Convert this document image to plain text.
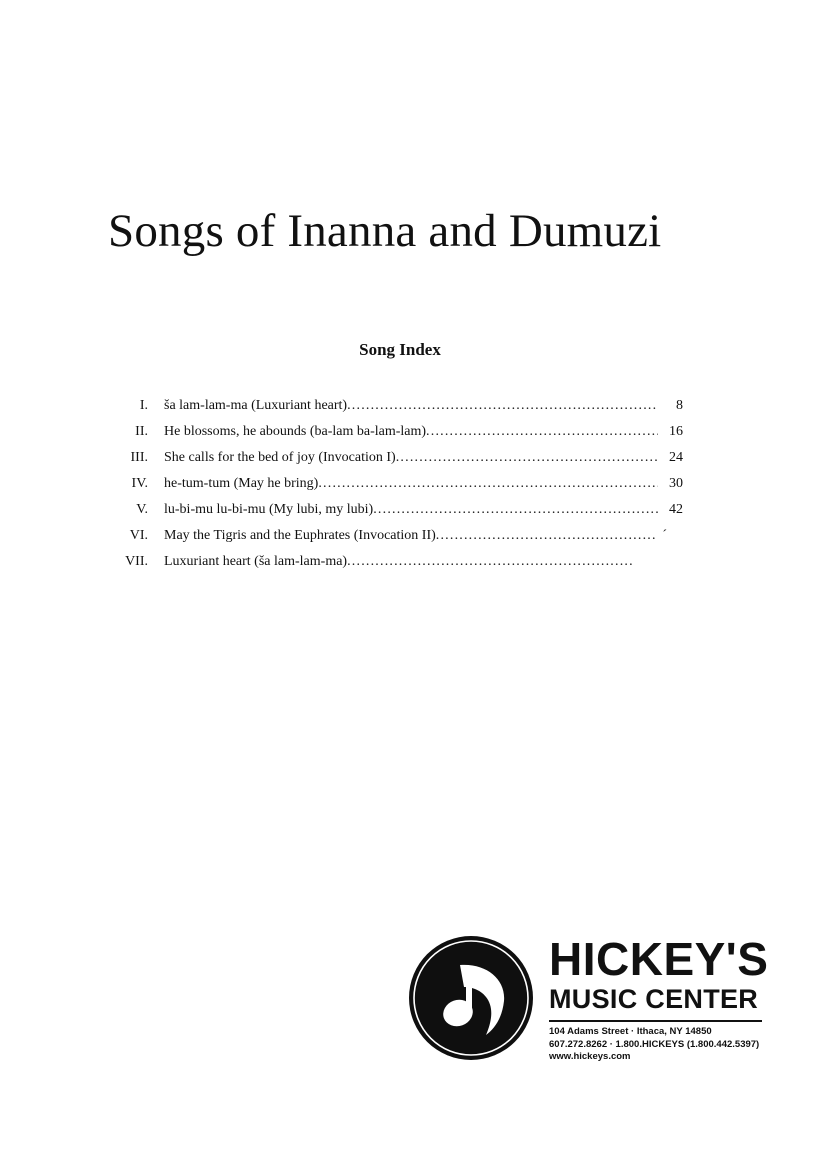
Songs of Inanna and Dumuzi
Song Index
I. ša lam-lam-ma (Luxuriant heart) .....	8
II. He blossoms, he abounds (ba-lam ba-lam-lam) .....	16
III. She calls for the bed of joy (Invocation I) .....	24
IV. he-tum-tum (May he bring) .....	30
V. lu-bi-mu lu-bi-mu (My lubi, my lubi) .....	42
VI. May the Tigris and the Euphrates (Invocation II) .....	´
VII. Luxuriant heart (ša lam-lam-ma)
.....

HICKEY'S

MUSIC CENTER

104 Adams Street · Ithaca, NY 14850

607.272.8262 · 1.800.HICKEYS (1.800.442.5397)

www.hickeys.com
